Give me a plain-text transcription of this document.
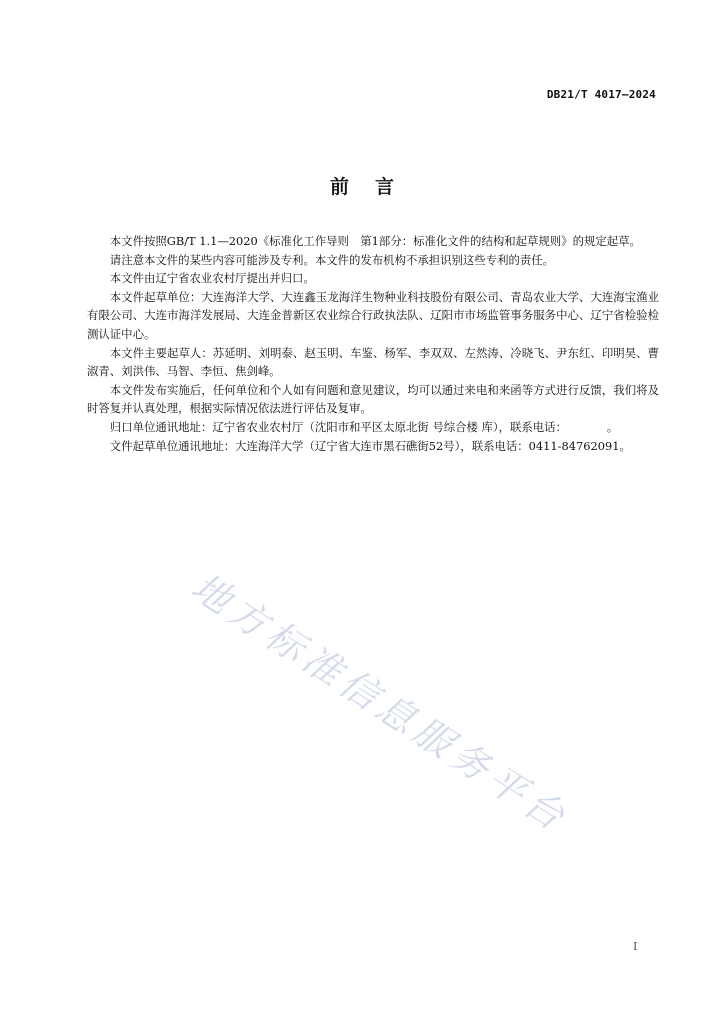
DB21/T 4017—2024
前言

本文件按照GB/T 1.1—2020《标准化工作导则　第1部分：标准化文件的结构和起草规则》的规定起草。

请注意本文件的某些内容可能涉及专利。本文件的发布机构不承担识别这些专利的责任。

本文件由辽宁省农业农村厅提出并归口。

本文件起草单位：大连海洋大学、大连鑫玉龙海洋生物种业科技股份有限公司、青岛农业大学、大连海宝渔业有限公司、大连市海洋发展局、大连金普新区农业综合行政执法队、辽阳市市场监管事务服务中心、辽宁省检验检测认证中心。

本文件主要起草人：苏延明、刘明泰、赵玉明、车鉴、杨军、李双双、左然涛、冷晓飞、尹东红、印明昊、曹淑青、刘洪伟、马智、李恒、焦剑峰。

本文件发布实施后，任何单位和个人如有问题和意见建议，均可以通过来电和来函等方式进行反馈，我们将及时答复并认真处理，根据实际情况依法进行评估及复审。

归口单位通讯地址：辽宁省农业农村厅（沈阳市和平区太原北街 号综合楼 库），联系电话：　　　　。

文件起草单位通讯地址：大连海洋大学（辽宁省大连市黑石礁街52号），联系电话：0411-84762091。

地方标准信息服务平台
I
